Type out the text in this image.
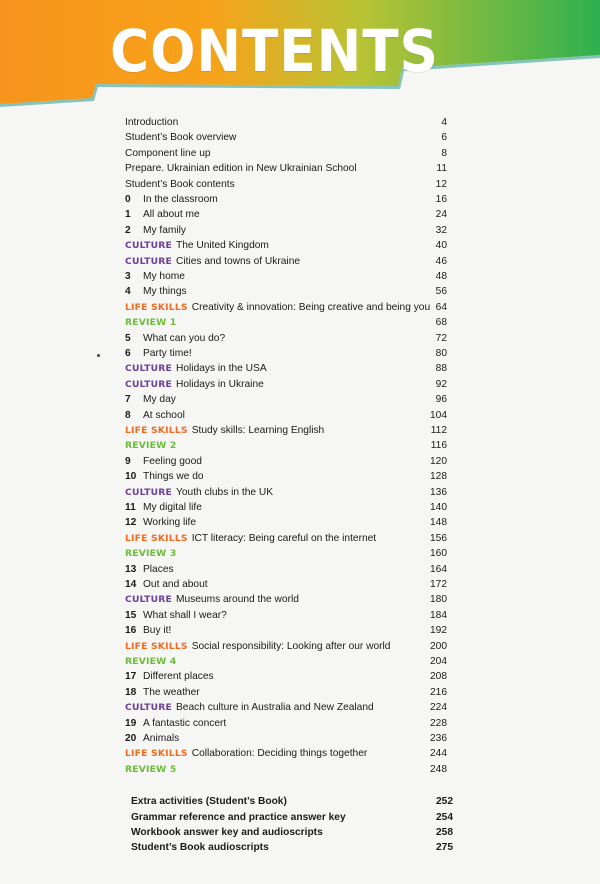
CONTENTS
Introduction	4
Student’s Book overview	6
Component line up	8
Prepare. Ukrainian edition in New Ukrainian School	11
Student’s Book contents	12
0 In the classroom	16
1 All about me	24
2 My family	32
CULTURE The United Kingdom	40
CULTURE Cities and towns of Ukraine	46
3 My home	48
4 My things	56
LIFE SKILLS Creativity & innovation: Being creative and being you 64
REVIEW 1	68
5 What can you do?	72
6 Party time!	80
CULTURE Holidays in the USA	88
CULTURE Holidays in Ukraine	92
7 My day	96
8 At school	104
LIFE SKILLS Study skills: Learning English	112
REVIEW 2	116
9 Feeling good	120
10 Things we do	128
CULTURE Youth clubs in the UK	136
11 My digital life	140
12 Working life	148
LIFE SKILLS ICT literacy: Being careful on the internet	156
REVIEW 3	160
13 Places	164
14 Out and about	172
CULTURE Museums around the world	180
15 What shall I wear?	184
16 Buy it!	192
LIFE SKILLS Social responsibility: Looking after our world	200
REVIEW 4	204
17 Different places	208
18 The weather	216
CULTURE Beach culture in Australia and New Zealand	224
19 A fantastic concert	228
20 Animals	236
LIFE SKILLS Collaboration: Deciding things together	244
REVIEW 5	248
Extra activities (Student’s Book)	252
Grammar reference and practice answer key	254
Workbook answer key and audioscripts	258
Student’s Book audioscripts	275
